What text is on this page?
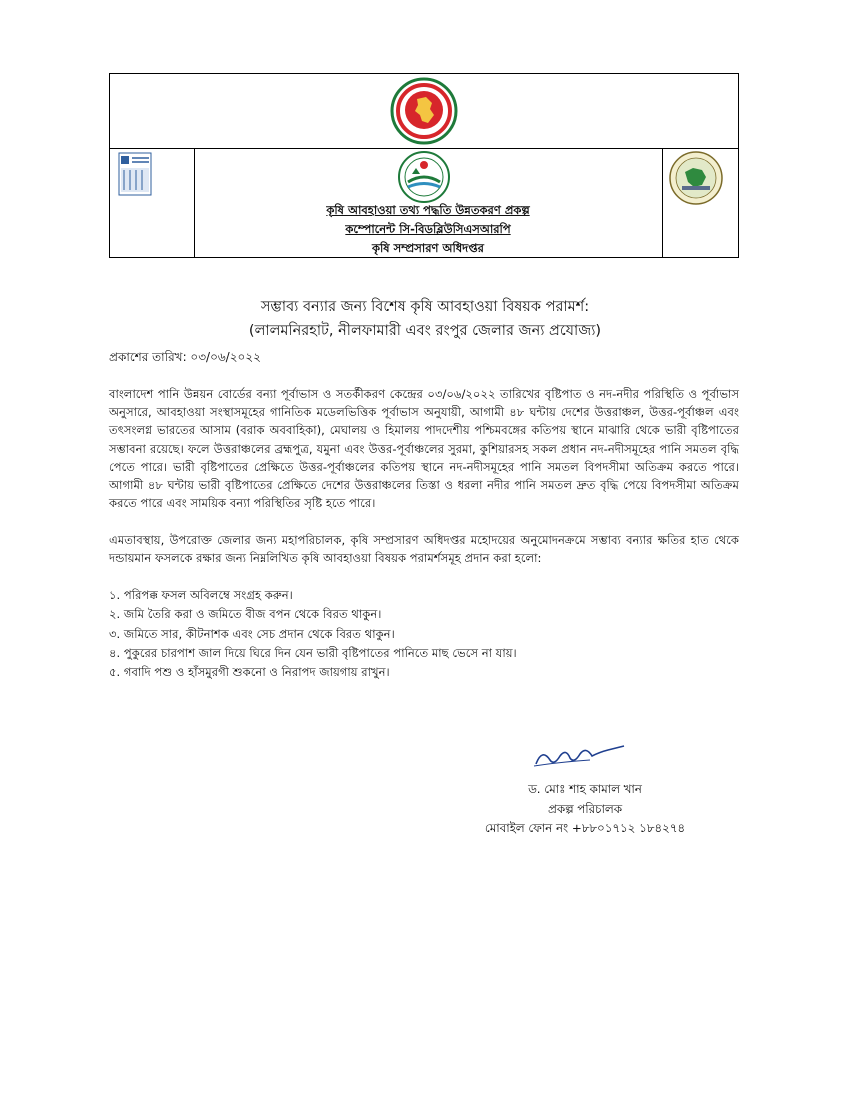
কৃষি আবহাওয়া তথ্য পদ্ধতি উন্নতকরণ প্রকল্প
কম্পোনেন্ট সি-বিডব্লিউসিএসআরপি
কৃষি সম্প্রসারণ অধিদপ্তর
সম্ভাব্য বন্যার জন্য বিশেষ কৃষি আবহাওয়া বিষয়ক পরামর্শ:
(লালমনিরহাট, নীলফামারী এবং রংপুর জেলার জন্য প্রযোজ্য)
প্রকাশের তারিখ: ০৩/০৬/২০২২

বাংলাদেশ পানি উন্নয়ন বোর্ডের বন্যা পূর্বাভাস ও সতর্কীকরণ কেন্দ্রের ০৩/০৬/২০২২ তারিখের বৃষ্টিপাত ও নদ-নদীর পরিস্থিতি ও পূর্বাভাস অনুসারে, আবহাওয়া সংস্থাসমূহের গানিতিক মডেলভিত্তিক পূর্বাভাস অনুযায়ী, আগামী ৪৮ ঘন্টায় দেশের উত্তরাঞ্চল, উত্তর-পূর্বাঞ্চল এবং তৎসংলগ্ন ভারতের আসাম (বরাক অববাহিকা), মেঘালয় ও হিমালয় পাদদেশীয় পশ্চিমবঙ্গের কতিপয় স্থানে মাঝারি থেকে ভারী বৃষ্টিপাতের সম্ভাবনা রয়েছে। ফলে উত্তরাঞ্চলের ব্রহ্মপুত্র, যমুনা এবং উত্তর-পূর্বাঞ্চলের সুরমা, কুশিয়ারসহ সকল প্রধান নদ-নদীসমূহের পানি সমতল বৃদ্ধি পেতে পারে। ভারী বৃষ্টিপাতের প্রেক্ষিতে উত্তর-পূর্বাঞ্চলের কতিপয় স্থানে নদ-নদীসমূহের পানি সমতল বিপদসীমা অতিক্রম করতে পারে। আগামী ৪৮ ঘন্টায় ভারী বৃষ্টিপাতের প্রেক্ষিতে দেশের উত্তরাঞ্চলের তিস্তা ও ধরলা নদীর পানি সমতল দ্রুত বৃদ্ধি পেয়ে বিপদসীমা অতিক্রম করতে পারে এবং সাময়িক বন্যা পরিস্থিতির সৃষ্টি হতে পারে।

এমতাবস্থায়, উপরোক্ত জেলার জন্য মহাপরিচালক, কৃষি সম্প্রসারণ অধিদপ্তর মহোদয়ের অনুমোদনক্রমে সম্ভাব্য বন্যার ক্ষতির হাত থেকে দন্ডায়মান ফসলকে রক্ষার জন্য নিম্নলিখিত কৃষি আবহাওয়া বিষয়ক পরামর্শসমূহ প্রদান করা হলো:

১. পরিপক্ক ফসল অবিলম্বে সংগ্রহ করুন।
২. জমি তৈরি করা ও জমিতে বীজ বপন থেকে বিরত থাকুন।
৩. জমিতে সার, কীটনাশক এবং সেচ প্রদান থেকে বিরত থাকুন।
৪. পুকুরের চারপাশ জাল দিয়ে ঘিরে দিন যেন ভারী বৃষ্টিপাতের পানিতে মাছ ভেসে না যায়।
৫. গবাদি পশু ও হাঁসমুরগী শুকনো ও নিরাপদ জায়গায় রাখুন।
ড. মোঃ শাহ কামাল খান
প্রকল্প পরিচালক
মোবাইল ফোন নং +৮৮০১৭১২ ১৮৪২৭৪
